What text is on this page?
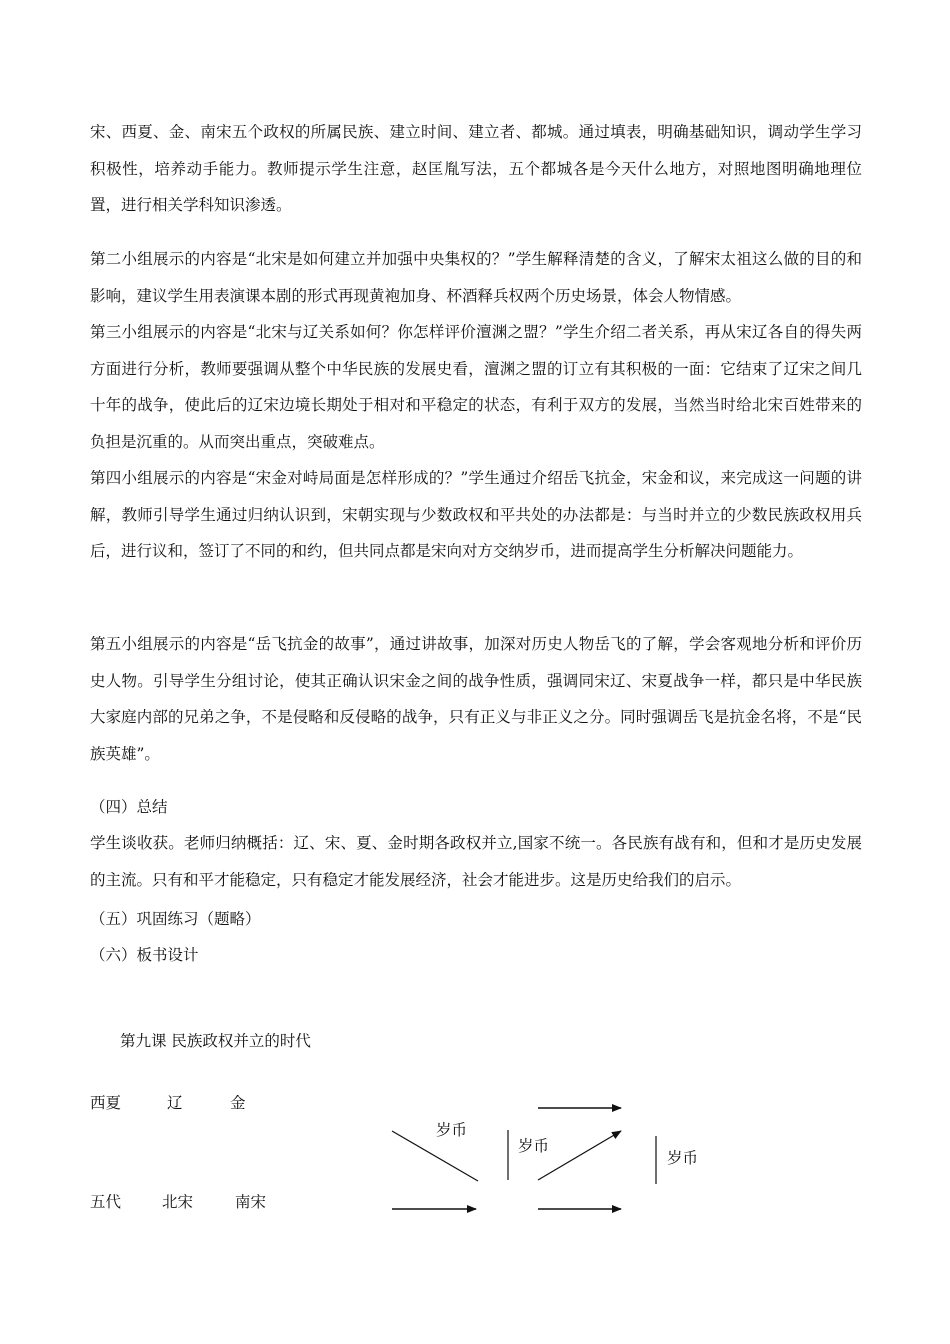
宋、西夏、金、南宋五个政权的所属民族、建立时间、建立者、都城。通过填表，明确基础知识，调动学生学习积极性，培养动手能力。教师提示学生注意，赵匡胤写法，五个都城各是今天什么地方，对照地图明确地理位置，进行相关学科知识渗透。

第二小组展示的内容是“北宋是如何建立并加强中央集权的？”学生解释清楚的含义，了解宋太祖这么做的目的和影响，建议学生用表演课本剧的形式再现黄袍加身、杯酒释兵权两个历史场景，体会人物情感。

第三小组展示的内容是“北宋与辽关系如何？你怎样评价澶渊之盟？”学生介绍二者关系，再从宋辽各自的得失两方面进行分析，教师要强调从整个中华民族的发展史看，澶渊之盟的订立有其积极的一面：它结束了辽宋之间几十年的战争，使此后的辽宋边境长期处于相对和平稳定的状态，有利于双方的发展，当然当时给北宋百姓带来的负担是沉重的。从而突出重点，突破难点。

第四小组展示的内容是“宋金对峙局面是怎样形成的？”学生通过介绍岳飞抗金，宋金和议，来完成这一问题的讲解，教师引导学生通过归纳认识到，宋朝实现与少数政权和平共处的办法都是：与当时并立的少数民族政权用兵后，进行议和，签订了不同的和约，但共同点都是宋向对方交纳岁币，进而提高学生分析解决问题能力。

第五小组展示的内容是“岳飞抗金的故事”，通过讲故事，加深对历史人物岳飞的了解，学会客观地分析和评价历史人物。引导学生分组讨论，使其正确认识宋金之间的战争性质，强调同宋辽、宋夏战争一样，都只是中华民族大家庭内部的兄弟之争，不是侵略和反侵略的战争，只有正义与非正义之分。同时强调岳飞是抗金名将，不是“民族英雄”。

（四）总结

学生谈收获。老师归纳概括：辽、宋、夏、金时期各政权并立,国家不统一。各民族有战有和，但和才是历史发展的主流。只有和平才能稳定，只有稳定才能发展经济，社会才能进步。这是历史给我们的启示。

（五）巩固练习（题略）
（六）板书设计
第九课 民族政权并立的时代
西夏	辽	金
五代	北宋	南宋
岁币
岁币
岁币
